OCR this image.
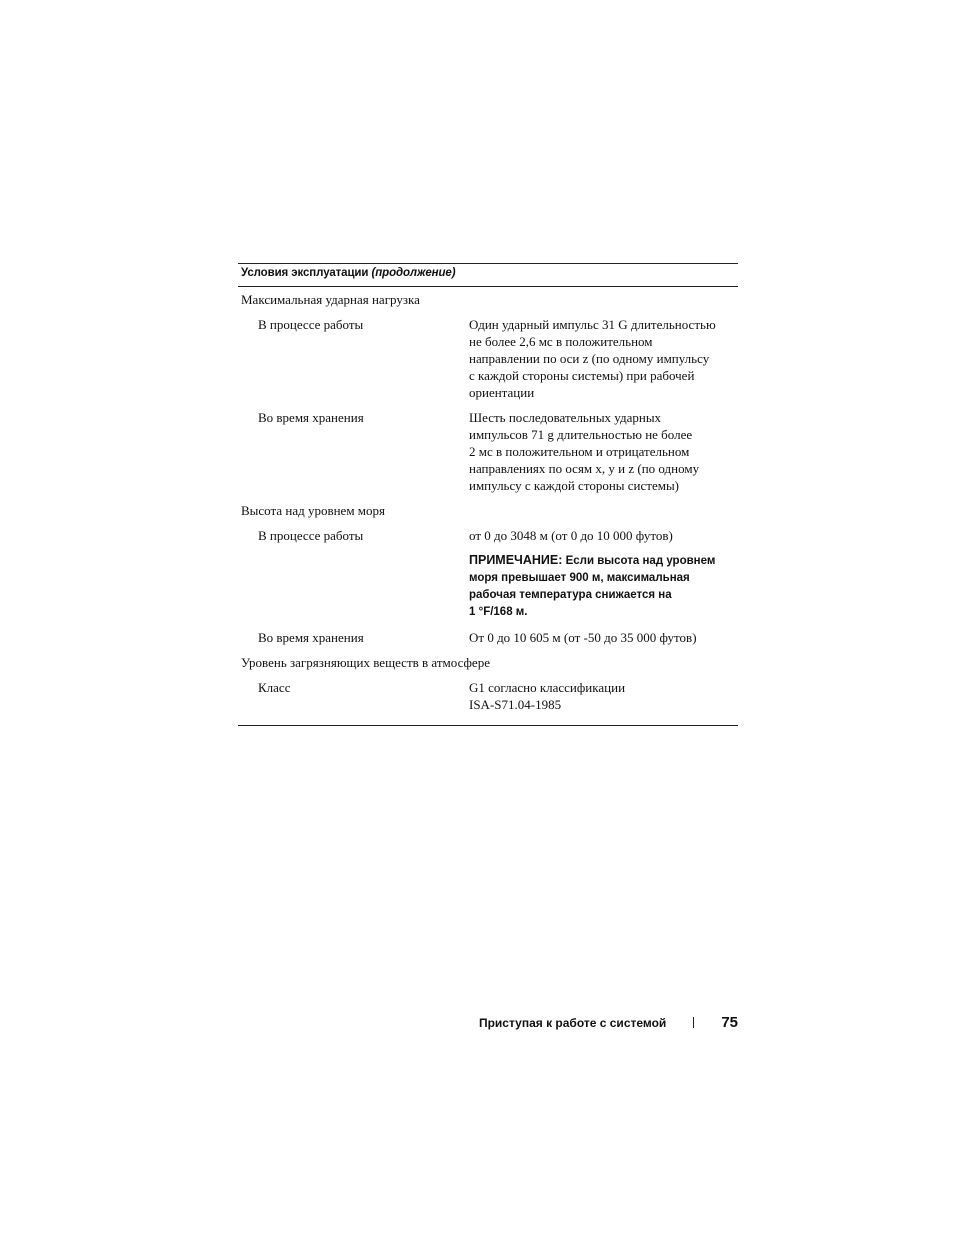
Условия эксплуатации (продолжение)
Максимальная ударная нагрузка
В процессе работы	Один ударный импульс 31 G длительностью
не более 2,6 мс в положительном
направлении по оси z (по одному импульсу
с каждой стороны системы) при рабочей
ориентации
Во время хранения	Шесть последовательных ударных
импульсов 71 g длительностью не более
2 мс в положительном и отрицательном
направлениях по осям x, y и z (по одному
импульсу с каждой стороны системы)
Высота над уровнем моря
В процессе работы	от 0 до 3048 м (от 0 до 10 000 футов)
ПРИМЕЧАНИЕ: Если высота над уровнем
моря превышает 900 м, максимальная
рабочая температура снижается на
1 °F/168 м.
Во время хранения	От 0 до 10 605 м (от -50 до 35 000 футов)
Уровень загрязняющих веществ в атмосфере
Класс	G1 согласно классификации
ISA-S71.04-1985
Приступая к работе с системой	75
